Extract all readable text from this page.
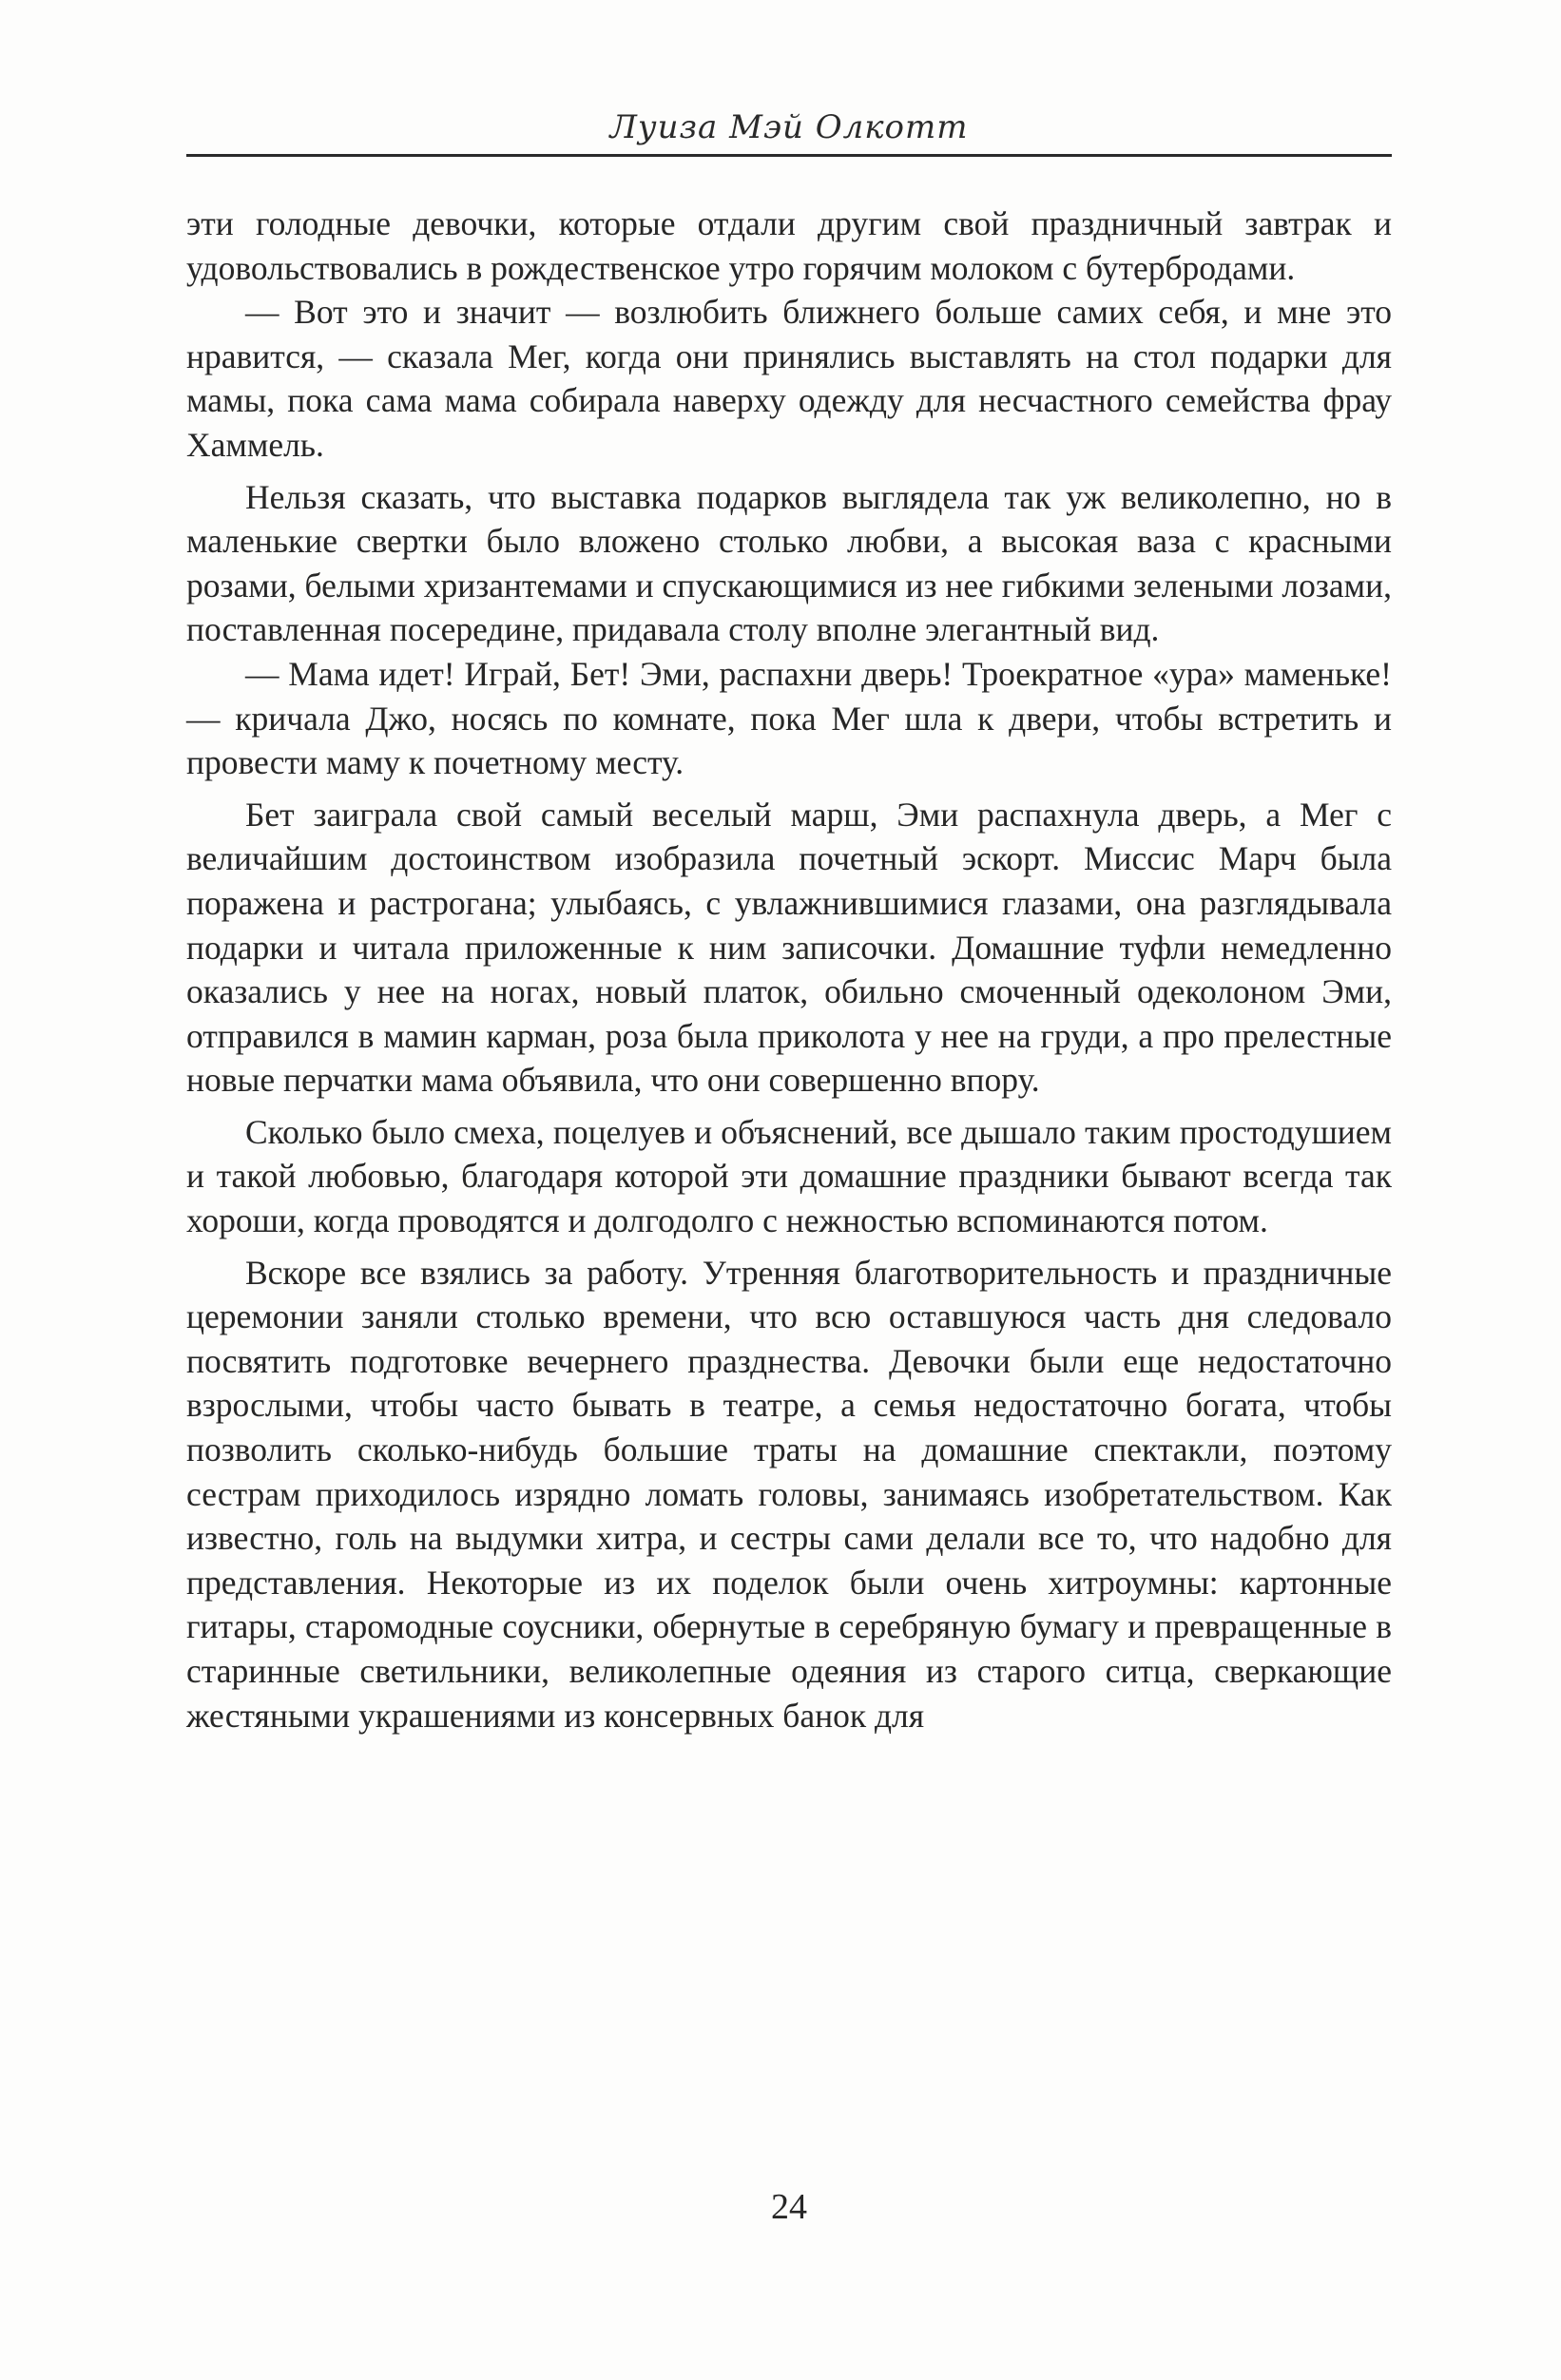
Луиза Мэй Олкотт

эти голодные девочки, которые отдали другим свой праздничный завтрак и удовольствовались в рождественское утро горячим молоком с бутербродами.

— Вот это и значит — возлюбить ближнего больше самих себя, и мне это нравится, — сказала Мег, когда они принялись выставлять на стол подарки для мамы, пока сама мама собирала наверху одежду для несчастного семейства фрау Хаммель.

Нельзя сказать, что выставка подарков выглядела так уж великолепно, но в маленькие свертки было вложено столько любви, а высокая ваза с красными розами, белыми хризантемами и спускающимися из нее гибкими зелеными лозами, поставленная посередине, придавала столу вполне элегантный вид.

— Мама идет! Играй, Бет! Эми, распахни дверь! Троекратное «ура» маменьке! — кричала Джо, носясь по комнате, пока Мег шла к двери, чтобы встретить и провести маму к почетному месту.

Бет заиграла свой самый веселый марш, Эми распахнула дверь, а Мег с величайшим достоинством изобразила почетный эскорт. Миссис Марч была поражена и растрогана; улыбаясь, с увлажнившимися глазами, она разглядывала подарки и читала приложенные к ним записочки. Домашние туфли немедленно оказались у нее на ногах, новый платок, обильно смоченный одеколоном Эми, отправился в мамин карман, роза была приколота у нее на груди, а про прелестные новые перчатки мама объявила, что они совершенно впору.

Сколько было смеха, поцелуев и объяснений, все дышало таким простодушием и такой любовью, благодаря которой эти домашние праздники бывают всегда так хороши, когда проводятся и долгодолго с нежностью вспоминаются потом.

Вскоре все взялись за работу. Утренняя благотворительность и праздничные церемонии заняли столько времени, что всю оставшуюся часть дня следовало посвятить подготовке вечернего празднества. Девочки были еще недостаточно взрослыми, чтобы часто бывать в театре, а семья недостаточно богата, чтобы позволить сколько-нибудь большие траты на домашние спектакли, поэтому сестрам приходилось изрядно ломать головы, занимаясь изобретательством. Как известно, голь на выдумки хитра, и сестры сами делали все то, что надобно для представления. Некоторые из их поделок были очень хитроумны: картонные гитары, старомодные соусники, обернутые в серебряную бумагу и превращенные в старинные светильники, великолепные одеяния из старого ситца, сверкающие жестяными украшениями из консервных банок для

24
